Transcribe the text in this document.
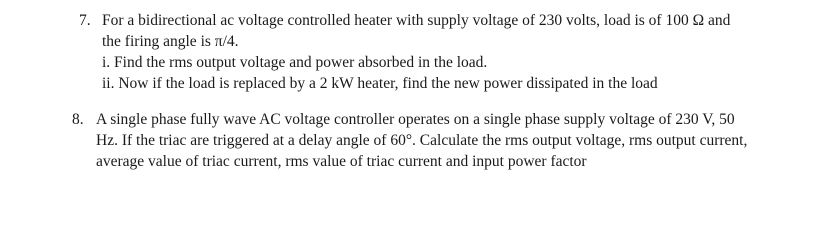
7. For a bidirectional ac voltage controlled heater with supply voltage of 230 volts, load is of 100 Ω and
the firing angle is π/4.
i. Find the rms output voltage and power absorbed in the load.
ii. Now if the load is replaced by a 2 kW heater, find the new power dissipated in the load
8. A single phase fully wave AC voltage controller operates on a single phase supply voltage of 230 V, 50
Hz. If the triac are triggered at a delay angle of 60°. Calculate the rms output voltage, rms output current,
average value of triac current, rms value of triac current and input power factor
